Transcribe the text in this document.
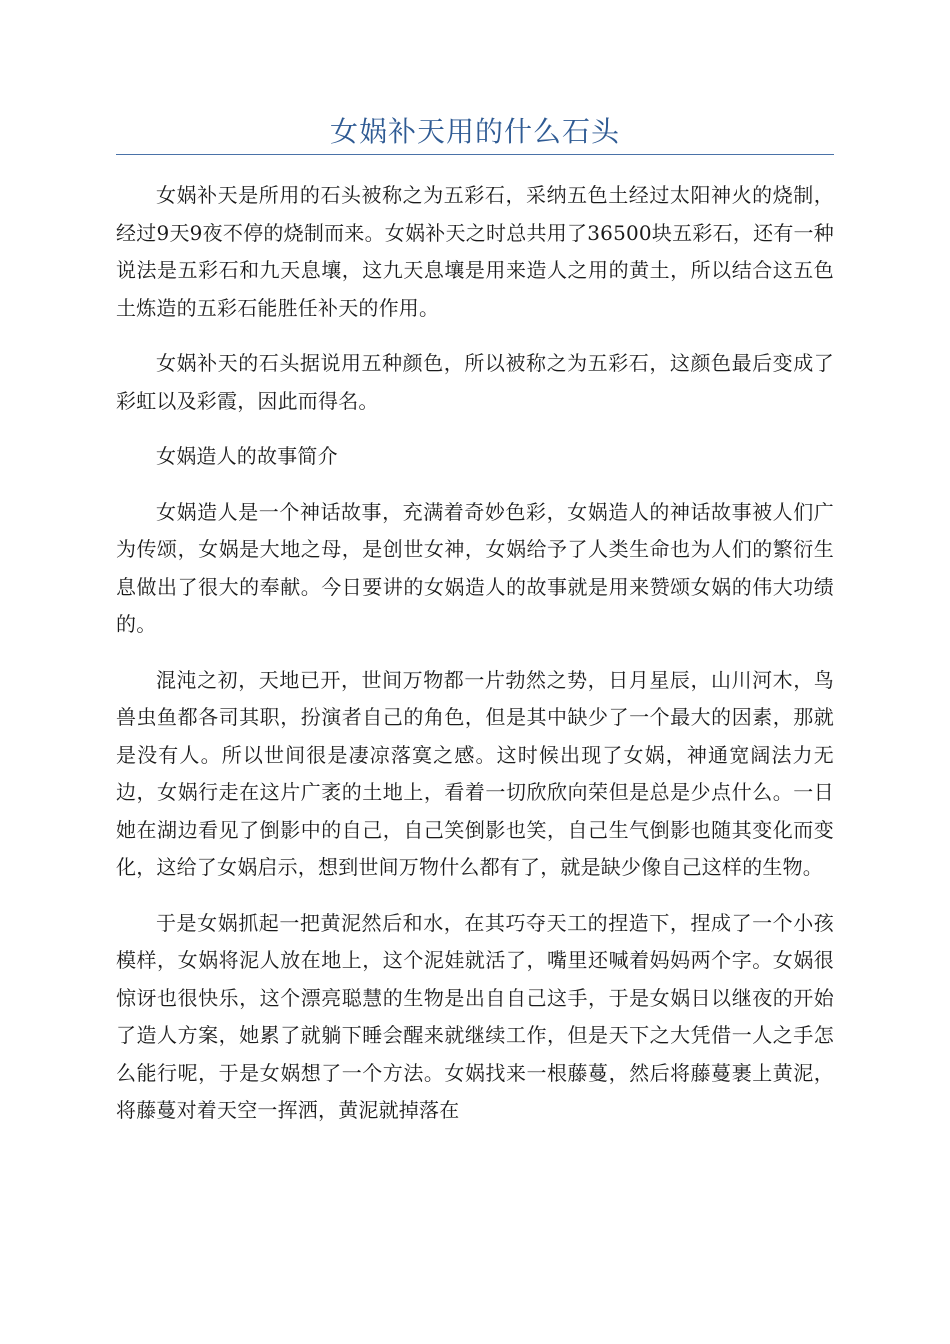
女娲补天用的什么石头

女娲补天是所用的石头被称之为五彩石，采纳五色土经过太阳神火的烧制，经过9天9夜不停的烧制而来。女娲补天之时总共用了36500块五彩石，还有一种说法是五彩石和九天息壤，这九天息壤是用来造人之用的黄土，所以结合这五色土炼造的五彩石能胜任补天的作用。

女娲补天的石头据说用五种颜色，所以被称之为五彩石，这颜色最后变成了彩虹以及彩霞，因此而得名。

女娲造人的故事简介

女娲造人是一个神话故事，充满着奇妙色彩，女娲造人的神话故事被人们广为传颂，女娲是大地之母，是创世女神，女娲给予了人类生命也为人们的繁衍生息做出了很大的奉献。今日要讲的女娲造人的故事就是用来赞颂女娲的伟大功绩的。

混沌之初，天地已开，世间万物都一片勃然之势，日月星辰，山川河木，鸟兽虫鱼都各司其职，扮演者自己的角色，但是其中缺少了一个最大的因素，那就是没有人。所以世间很是凄凉落寞之感。这时候出现了女娲，神通宽阔法力无边，女娲行走在这片广袤的土地上，看着一切欣欣向荣但是总是少点什么。一日她在湖边看见了倒影中的自己，自己笑倒影也笑，自己生气倒影也随其变化而变化，这给了女娲启示，想到世间万物什么都有了，就是缺少像自己这样的生物。

于是女娲抓起一把黄泥然后和水，在其巧夺天工的捏造下，捏成了一个小孩模样，女娲将泥人放在地上，这个泥娃就活了，嘴里还喊着妈妈两个字。女娲很惊讶也很快乐，这个漂亮聪慧的生物是出自自己这手，于是女娲日以继夜的开始了造人方案，她累了就躺下睡会醒来就继续工作，但是天下之大凭借一人之手怎么能行呢，于是女娲想了一个方法。女娲找来一根藤蔓，然后将藤蔓裹上黄泥，将藤蔓对着天空一挥洒，黄泥就掉落在
